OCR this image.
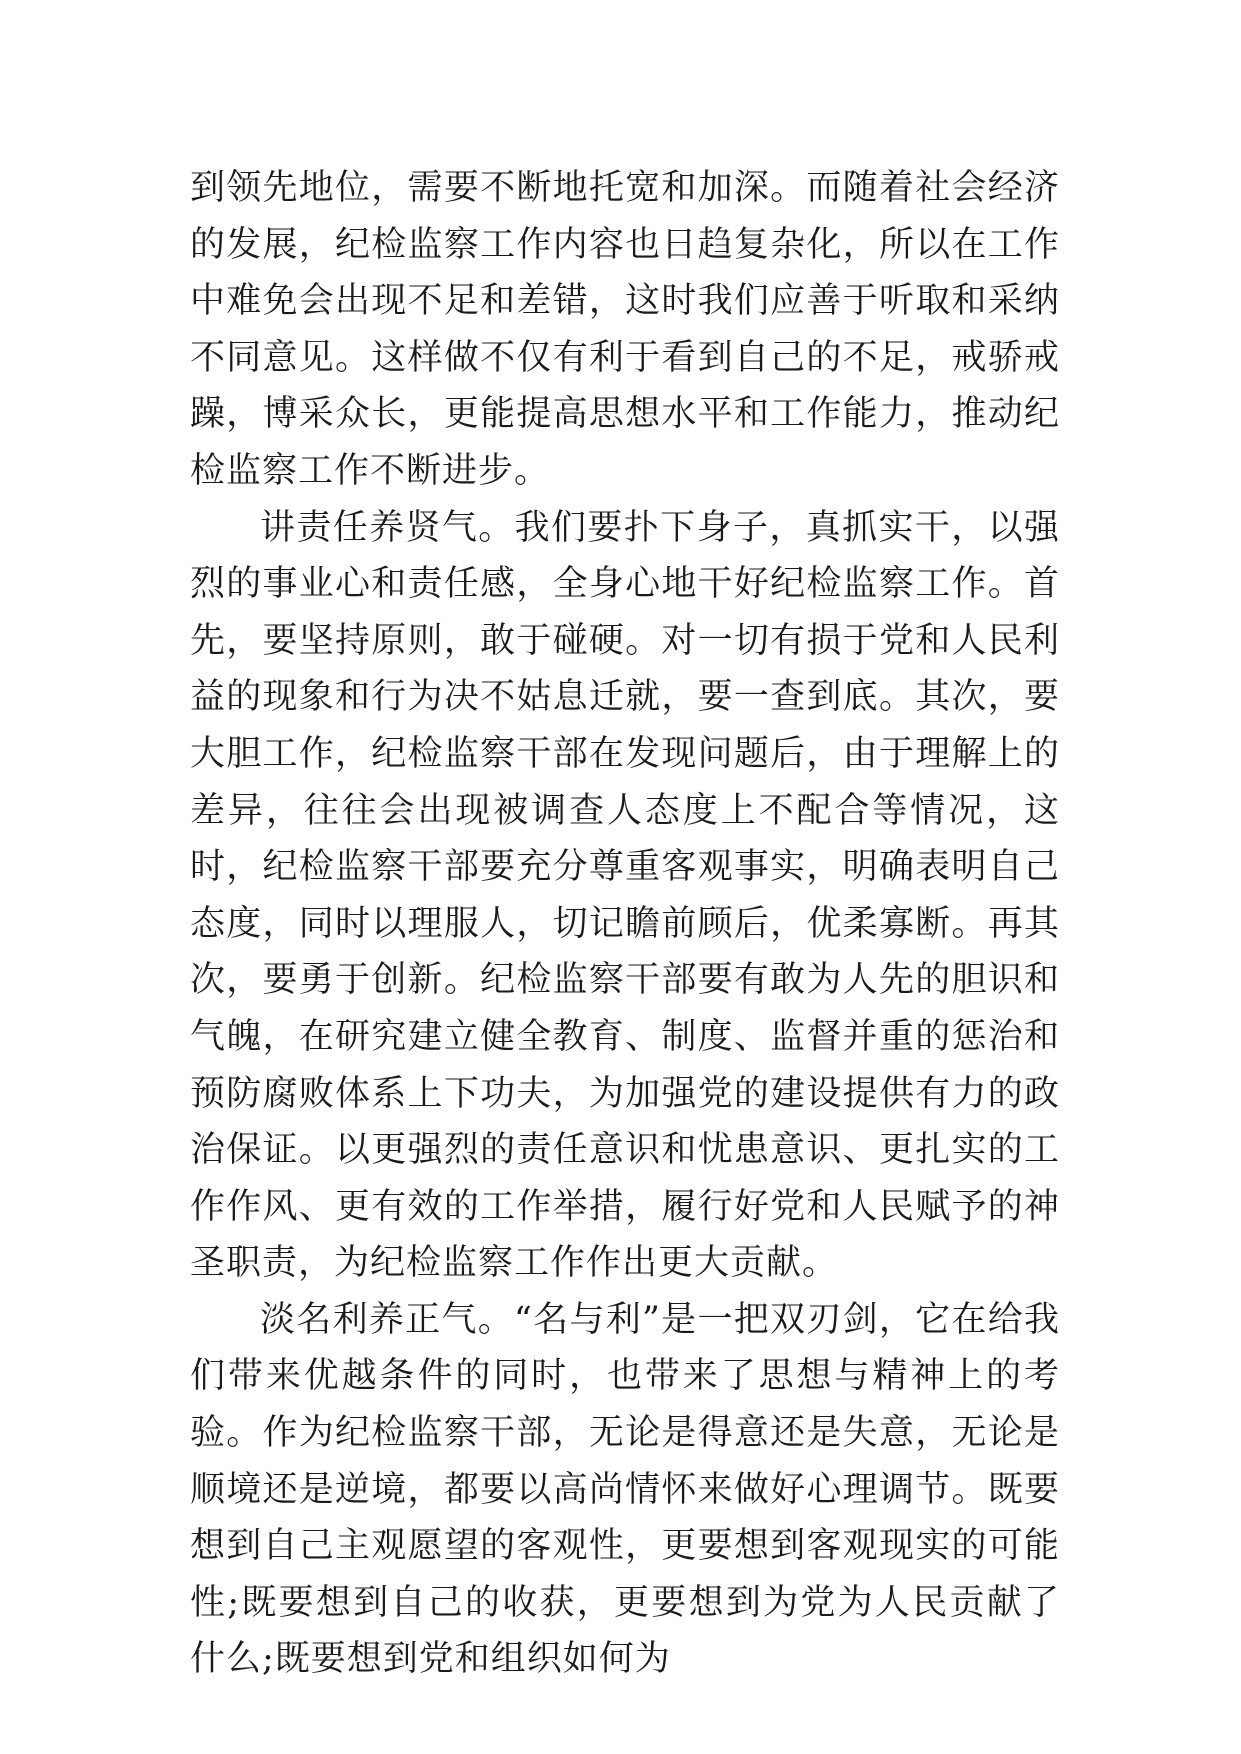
到领先地位，需要不断地托宽和加深。而随着社会经济的发展，纪检监察工作内容也日趋复杂化，所以在工作中难免会出现不足和差错，这时我们应善于听取和采纳不同意见。这样做不仅有利于看到自己的不足，戒骄戒躁，博采众长，更能提高思想水平和工作能力，推动纪检监察工作不断进步。

讲责任养贤气。我们要扑下身子，真抓实干，以强烈的事业心和责任感，全身心地干好纪检监察工作。首先，要坚持原则，敢于碰硬。对一切有损于党和人民利益的现象和行为决不姑息迁就，要一查到底。其次，要大胆工作，纪检监察干部在发现问题后，由于理解上的差异，往往会出现被调查人态度上不配合等情况，这时，纪检监察干部要充分尊重客观事实，明确表明自己态度，同时以理服人，切记瞻前顾后，优柔寡断。再其次，要勇于创新。纪检监察干部要有敢为人先的胆识和气魄，在研究建立健全教育、制度、监督并重的惩治和预防腐败体系上下功夫，为加强党的建设提供有力的政治保证。以更强烈的责任意识和忧患意识、更扎实的工作作风、更有效的工作举措，履行好党和人民赋予的神圣职责，为纪检监察工作作出更大贡献。

淡名利养正气。“名与利”是一把双刃剑，它在给我们带来优越条件的同时，也带来了思想与精神上的考验。作为纪检监察干部，无论是得意还是失意，无论是顺境还是逆境，都要以高尚情怀来做好心理调节。既要想到自己主观愿望的客观性，更要想到客观现实的可能性;既要想到自己的收获，更要想到为党为人民贡献了什么;既要想到党和组织如何为
